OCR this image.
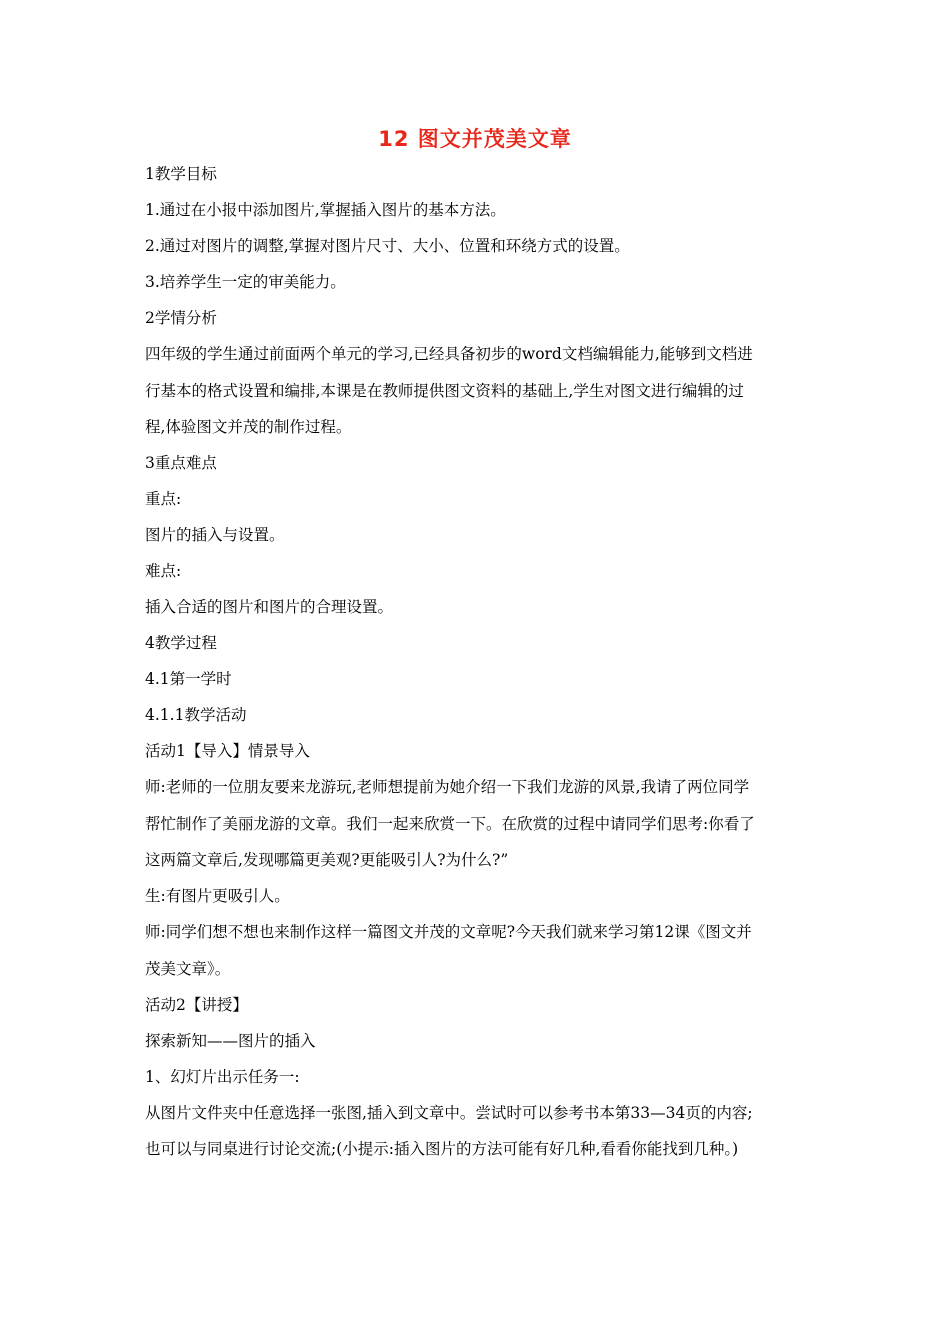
12 图文并茂美文章
1教学目标
1.通过在小报中添加图片,掌握插入图片的基本方法。
2.通过对图片的调整,掌握对图片尺寸、大小、位置和环绕方式的设置。
3.培养学生一定的审美能力。
2学情分析
四年级的学生通过前面两个单元的学习,已经具备初步的word文档编辑能力,能够到文档进
行基本的格式设置和编排,本课是在教师提供图文资料的基础上,学生对图文进行编辑的过
程,体验图文并茂的制作过程。
3重点难点
重点:
图片的插入与设置。
难点:
插入合适的图片和图片的合理设置。
4教学过程
4.1第一学时
4.1.1教学活动
活动1【导入】情景导入
师:老师的一位朋友要来龙游玩,老师想提前为她介绍一下我们龙游的风景,我请了两位同学
帮忙制作了美丽龙游的文章。我们一起来欣赏一下。在欣赏的过程中请同学们思考:你看了
这两篇文章后,发现哪篇更美观?更能吸引人?为什么?”
生:有图片更吸引人。
师:同学们想不想也来制作这样一篇图文并茂的文章呢?今天我们就来学习第12课《图文并
茂美文章》。
活动2【讲授】
探索新知——图片的插入
1、幻灯片出示任务一:
从图片文件夹中任意选择一张图,插入到文章中。尝试时可以参考书本第33—34页的内容;
也可以与同桌进行讨论交流;(小提示:插入图片的方法可能有好几种,看看你能找到几种。)
